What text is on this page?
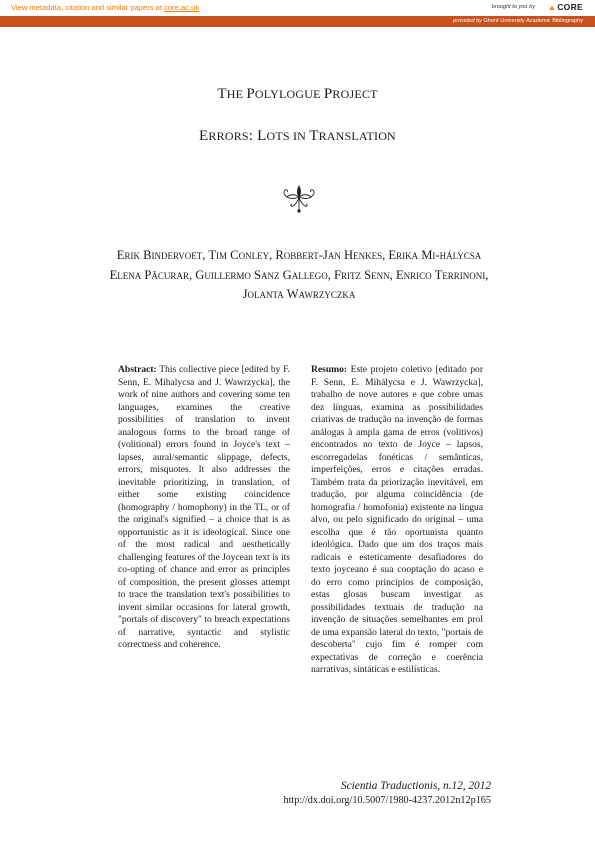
View metadata, citation and similar papers at core.ac.uk	brought to you by ▲CORE
provided by Ghent University Academic Bibliography
THE POLYLOGUE PROJECT
ERRORS: LOTS IN TRANSLATION
Erik Bindervoet, Tim Conley, Robbert-Jan Henkes, Erika Mi-hálycsa Elena Păcurar, Guillermo Sanz Gallego, Fritz Senn, Enrico Terrinoni, Jolanta Wawrzyczka
Abstract: This collective piece [edited by F. Senn, E. Mihalycsa and J. Wawrzycka], the work of nine authors and covering some ten languages, examines the creative possibilities of translation to invent analogous forms to the broad range of (volitional) errors found in Joyce's text – lapses, aural/semantic slippage, defects, errors, misquotes. It also addresses the inevitable prioritizing, in translation, of either some existing coincidence (homography / homophony) in the TL, or of the original's signified – a choice that is as opportunistic as it is ideological. Since one of the most radical and aesthetically challenging features of the Joycean text is its co-opting of chance and error as principles of composition, the present glosses attempt to trace the translation text's possibilities to invent similar occasions for lateral growth, "portals of discovery" to breach expectations of narrative, syntactic and stylistic correctness and coherence.
Resumo: Este projeto coletivo [editado por F. Senn, E. Mihálycsa e J. Wawrzycka], trabalho de nove autores e que cobre umas dez línguas, examina as possibilidades criativas de tradução na invenção de formas análogas à ampla gama de erros (volitivos) encontrados no texto de Joyce – lapsos, escorregadelas fonéticas / semânticas, imperfeições, erros e citações erradas. Também trata da priorização inevitável, em tradução, por alguma coincidência (de homografia / homofonia) existente na língua alvo, ou pelo significado do original – uma escolha que é tão oportunista quanto ideológica. Dado que um dos traços mais radicais e esteticamente desafiadores do texto joyceano é sua cooptação do acaso e do erro como princípios de composição, estas glosas buscam investigar as possibilidades textuais de tradução na invenção de situações semelhantes em prol de uma expansão lateral do texto, "portais de descoberta" cujo fim é romper com expectativas de correção e coerência narrativas, sintáticas e estilísticas.
Scientia Traductionis, n.12, 2012
http://dx.doi.org/10.5007/1980-4237.2012n12p165
